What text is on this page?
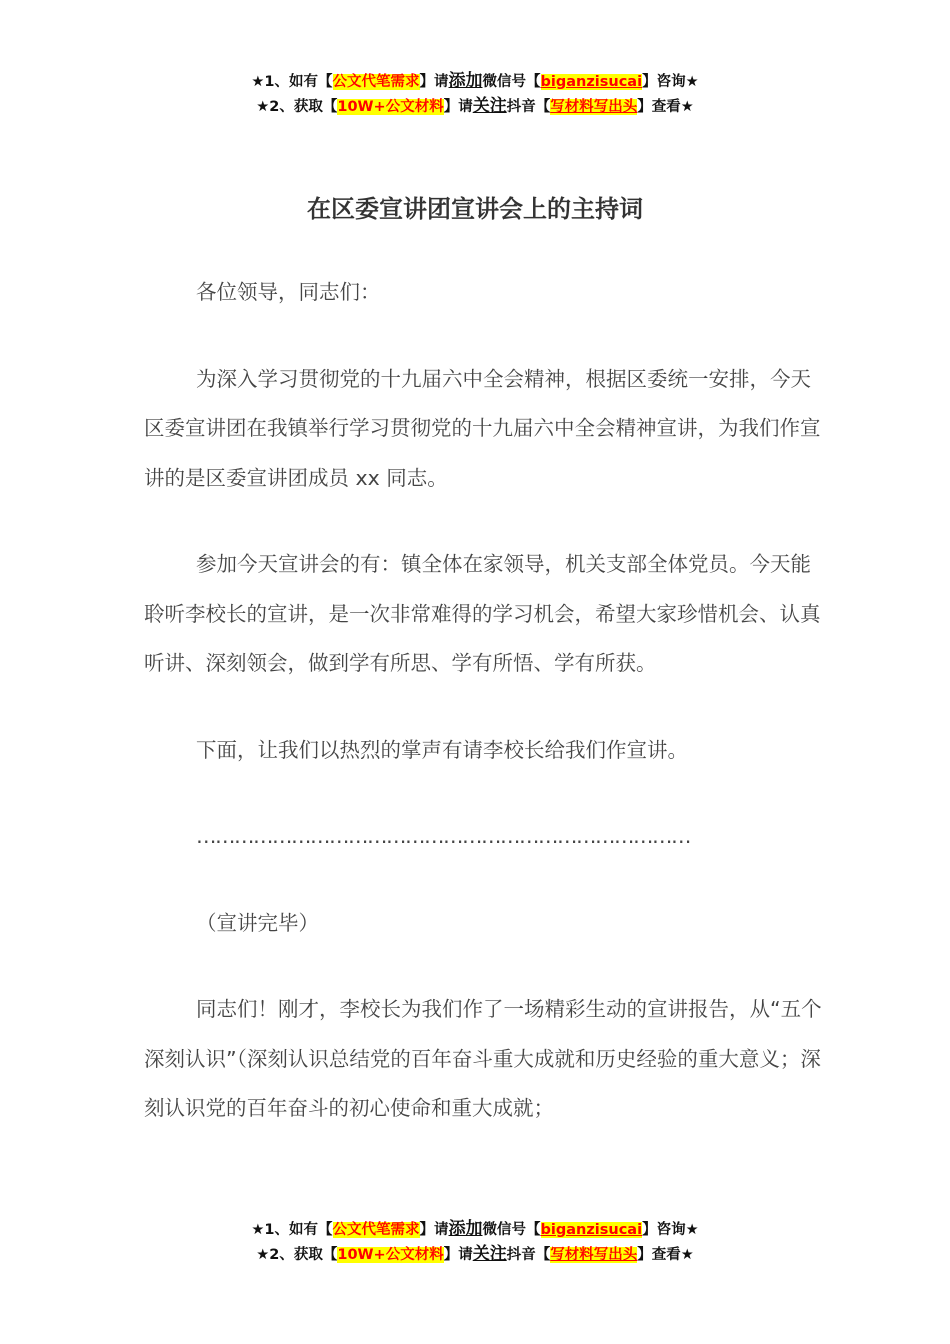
★1、如有【公文代笔需求】请添加微信号【biganzisucai】咨询★
★2、获取【10W+公文材料】请关注抖音【写材料写出头】查看★
在区委宣讲团宣讲会上的主持词

各位领导，同志们：

为深入学习贯彻党的十九届六中全会精神，根据区委统一安排，今天区委宣讲团在我镇举行学习贯彻党的十九届六中全会精神宣讲，为我们作宣讲的是区委宣讲团成员 xx 同志。

参加今天宣讲会的有：镇全体在家领导，机关支部全体党员。今天能聆听李校长的宣讲，是一次非常难得的学习机会，希望大家珍惜机会、认真听讲、深刻领会，做到学有所思、学有所悟、学有所获。

下面，让我们以热烈的掌声有请李校长给我们作宣讲。

……………………………………………………………………

（宣讲完毕）

同志们！刚才，李校长为我们作了一场精彩生动的宣讲报告，从“五个深刻认识”（深刻认识总结党的百年奋斗重大成就和历史经验的重大意义；深刻认识党的百年奋斗的初心使命和重大成就；

★1、如有【公文代笔需求】请添加微信号【biganzisucai】咨询★
★2、获取【10W+公文材料】请关注抖音【写材料写出头】查看★
